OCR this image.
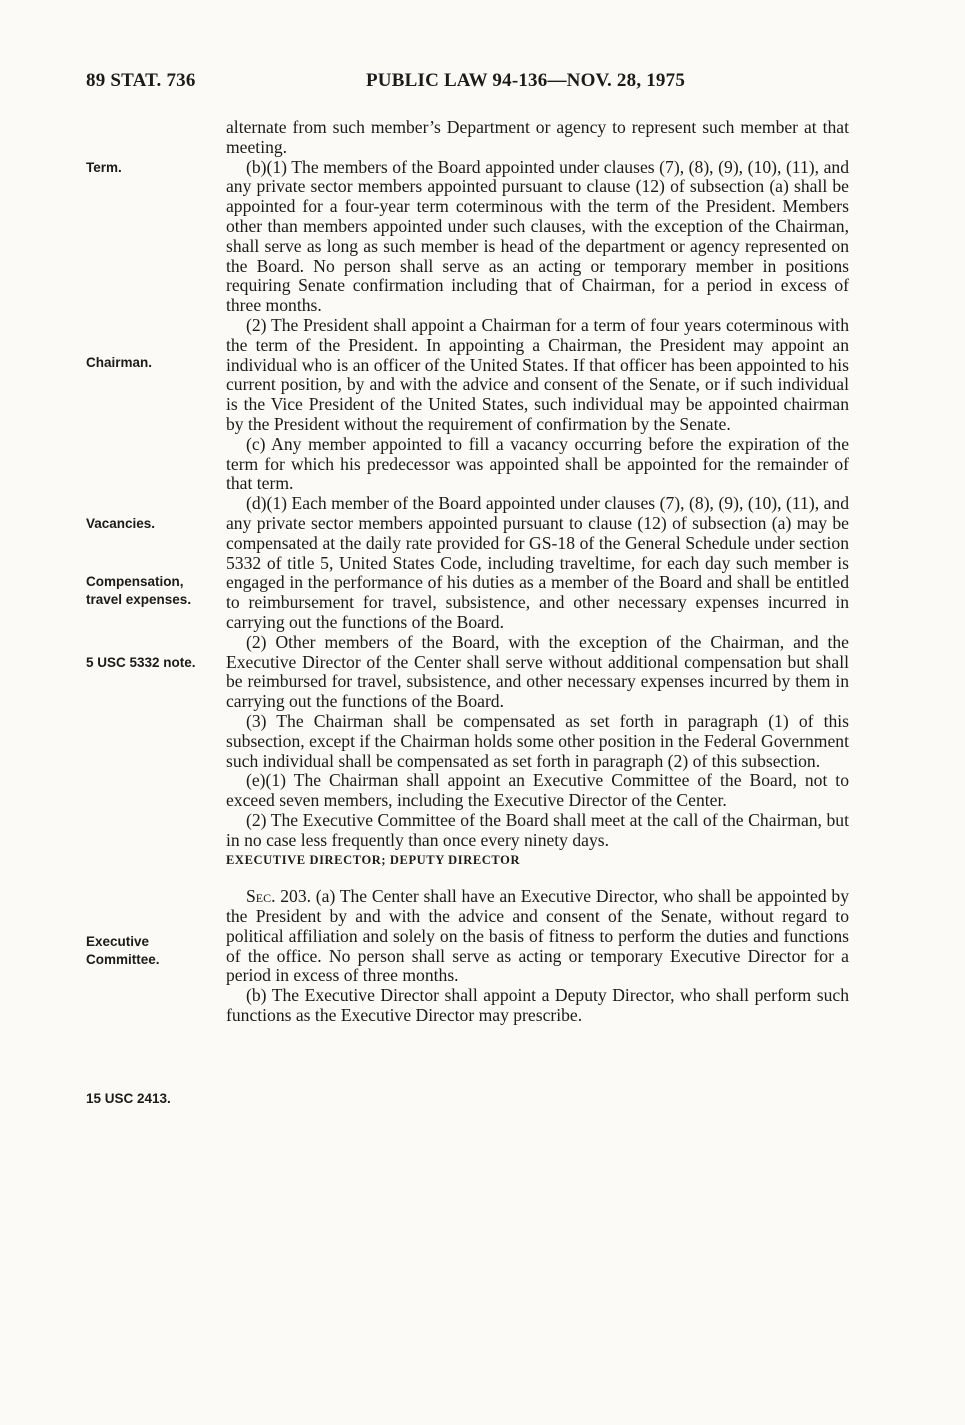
89 STAT. 736	PUBLIC LAW 94-136—NOV. 28, 1975
Term.
Chairman.
Vacancies.
Compensation,
travel expenses.
5 USC 5332 note.
Executive
Committee.
15 USC 2413.

alternate from such member’s Department or agency to represent such member at that meeting.

(b)(1) The members of the Board appointed under clauses (7), (8), (9), (10), (11), and any private sector members appointed pursuant to clause (12) of subsection (a) shall be appointed for a four-year term coterminous with the term of the President. Members other than members appointed under such clauses, with the exception of the Chairman, shall serve as long as such member is head of the department or agency represented on the Board. No person shall serve as an acting or temporary member in positions requiring Senate confirmation including that of Chairman, for a period in excess of three months.

(2) The President shall appoint a Chairman for a term of four years coterminous with the term of the President. In appointing a Chairman, the President may appoint an individual who is an officer of the United States. If that officer has been appointed to his current position, by and with the advice and consent of the Senate, or if such individual is the Vice President of the United States, such individual may be appointed chairman by the President without the requirement of confirmation by the Senate.

(c) Any member appointed to fill a vacancy occurring before the expiration of the term for which his predecessor was appointed shall be appointed for the remainder of that term.

(d)(1) Each member of the Board appointed under clauses (7), (8), (9), (10), (11), and any private sector members appointed pursuant to clause (12) of subsection (a) may be compensated at the daily rate provided for GS-18 of the General Schedule under section 5332 of title 5, United States Code, including traveltime, for each day such member is engaged in the performance of his duties as a member of the Board and shall be entitled to reimbursement for travel, subsistence, and other necessary expenses incurred in carrying out the functions of the Board.

(2) Other members of the Board, with the exception of the Chairman, and the Executive Director of the Center shall serve without additional compensation but shall be reimbursed for travel, subsistence, and other necessary expenses incurred by them in carrying out the functions of the Board.

(3) The Chairman shall be compensated as set forth in paragraph (1) of this subsection, except if the Chairman holds some other position in the Federal Government such individual shall be compensated as set forth in paragraph (2) of this subsection.

(e)(1) The Chairman shall appoint an Executive Committee of the Board, not to exceed seven members, including the Executive Director of the Center.

(2) The Executive Committee of the Board shall meet at the call of the Chairman, but in no case less frequently than once every ninety days.

EXECUTIVE DIRECTOR; DEPUTY DIRECTOR

Sec. 203. (a) The Center shall have an Executive Director, who shall be appointed by the President by and with the advice and consent of the Senate, without regard to political affiliation and solely on the basis of fitness to perform the duties and functions of the office. No person shall serve as acting or temporary Executive Director for a period in excess of three months.

(b) The Executive Director shall appoint a Deputy Director, who shall perform such functions as the Executive Director may prescribe.
